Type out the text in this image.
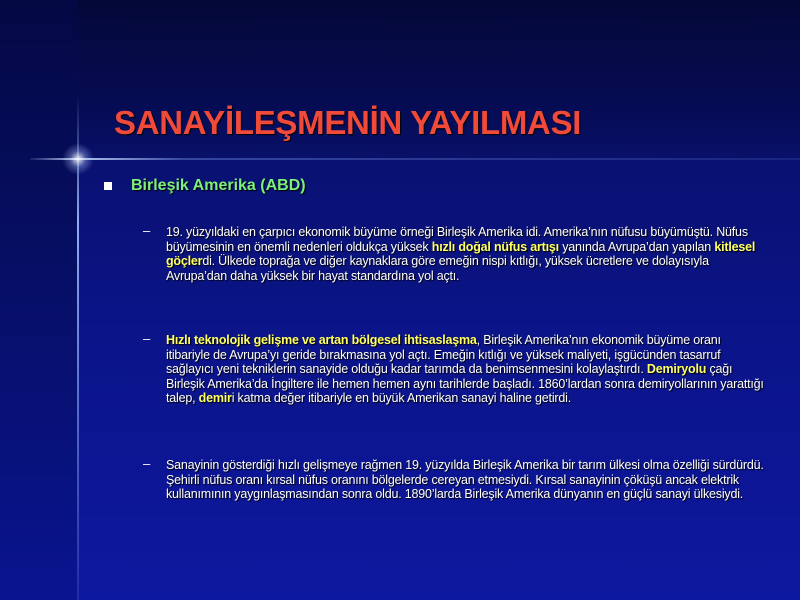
SANAYİLEŞMENİN YAYILMASI
Birleşik Amerika (ABD)
– 19. yüzyıldaki en çarpıcı ekonomik büyüme örneği Birleşik Amerika idi. Amerika’nın nüfusu büyümüştü. Nüfus büyümesinin en önemli nedenleri oldukça yüksek hızlı doğal nüfus artışı yanında Avrupa’dan yapılan kitlesel göçlerdi. Ülkede toprağa ve diğer kaynaklara göre emeğin nispi kıtlığı, yüksek ücretlere ve dolayısıyla Avrupa’dan daha yüksek bir hayat standardına yol açtı.

– Hızlı teknolojik gelişme ve artan bölgesel ihtisaslaşma, Birleşik Amerika’nın ekonomik büyüme oranı itibariyle de Avrupa’yı geride bırakmasına yol açtı. Emeğin kıtlığı ve yüksek maliyeti, işgücünden tasarruf sağlayıcı yeni tekniklerin sanayide olduğu kadar tarımda da benimsenmesini kolaylaştırdı. Demiryolu çağı Birleşik Amerika’da İngiltere ile hemen hemen aynı tarihlerde başladı. 1860’lardan sonra demiryollarının yarattığı talep, demiri katma değer itibariyle en büyük Amerikan sanayi haline getirdi.

– Sanayinin gösterdiği hızlı gelişmeye rağmen 19. yüzyılda Birleşik Amerika bir tarım ülkesi olma özelliği sürdürdü. Şehirli nüfus oranı kırsal nüfus oranını bölgelerde cereyan etmesiydi. Kırsal sanayinin çöküşü ancak elektrik kullanımının yaygınlaşmasından sonra oldu. 1890’larda Birleşik Amerika dünyanın en güçlü sanayi ülkesiydi.
